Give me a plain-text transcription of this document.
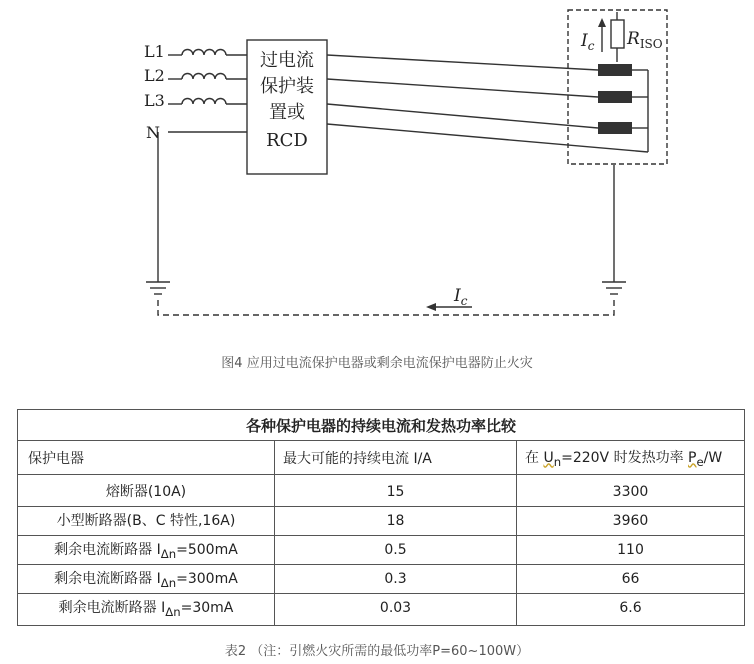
L1
L2
L3
N
过电流
保护装
置或
RCD
$I_c$ $R_{ISO}$
$I_c$
图4 应用过电流保护电器或剩余电流保护电器防止火灾
各种保护电器的持续电流和发热功率比较		
保护电器	最大可能的持续电流 I/A	在 $U_n=220V$ 时发热功率 $P_e/W$
熔断器(10A)	15	3300
小型断路器(B、C 特性,16A)	18	3960
剩余电流断路器 $I_{\Delta n}=500mA$	0.5	110
剩余电流断路器 $I_{\Delta n}=300mA$	0.3	66
剩余电流断路器 $I_{\Delta n}=30mA$	0.03	6.6
表2 （注：引燃火灾所需的最低功率P=60~100W）
